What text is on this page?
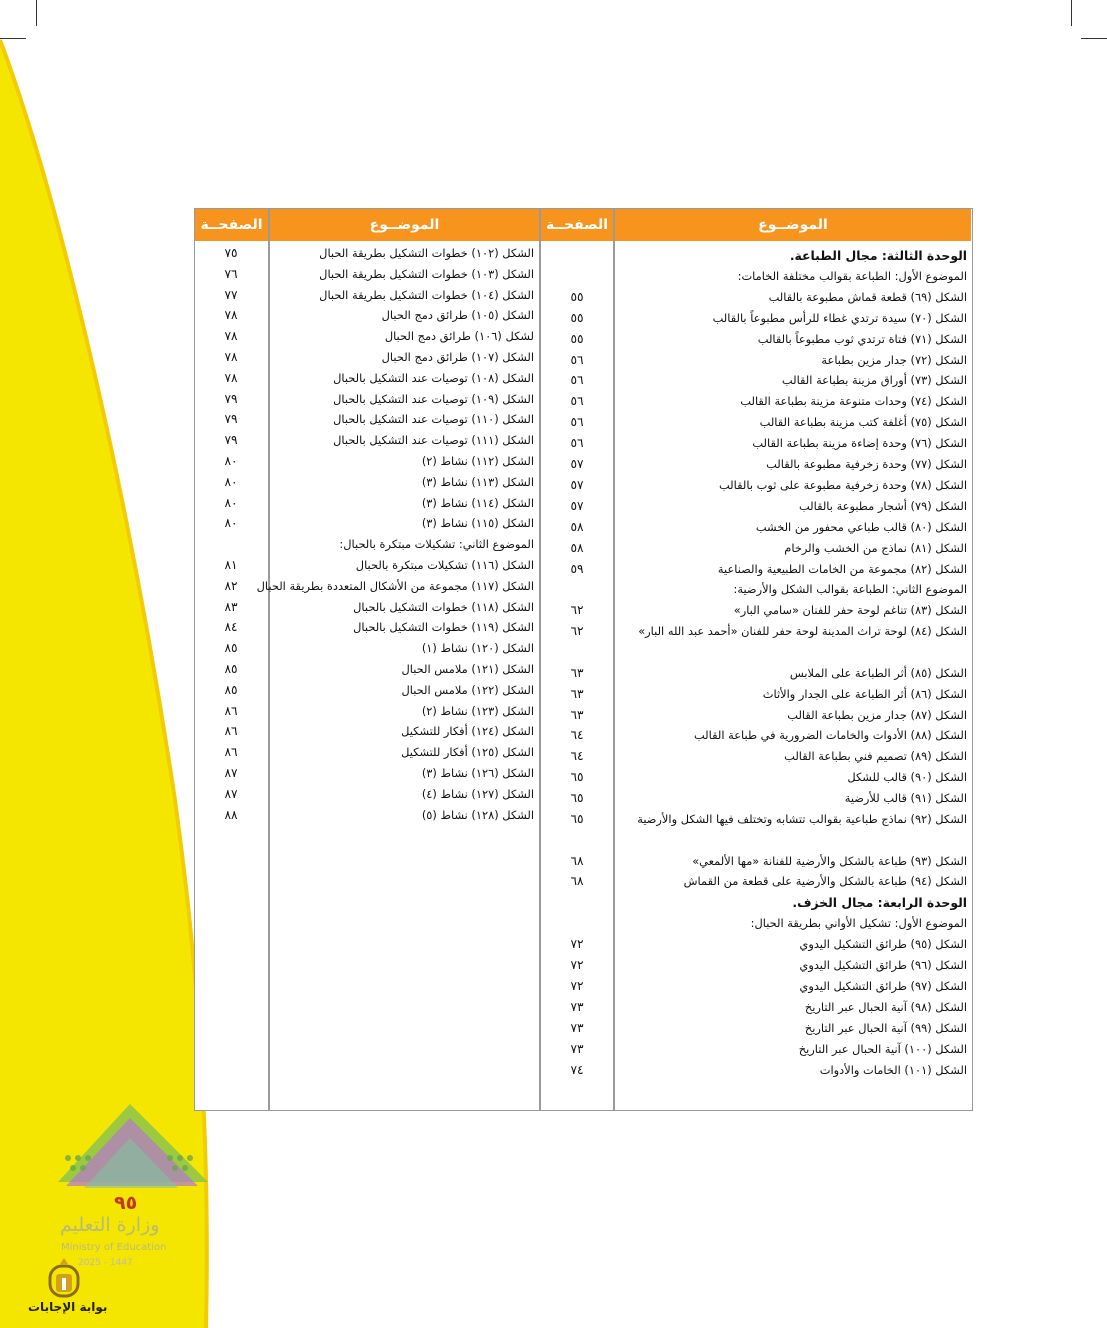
الموضــوع
الصفحــة
الموضــوع
الصفحــة
الوحدة الثالثة: مجال الطباعة.
الموضوع الأول: الطباعة بقوالب مختلفة الخامات:
الشكل (٦٩) قطعة قماش مطبوعة بالقالب
٥٥
الشكل (٧٠) سيدة ترتدي غطاء للرأس مطبوعاً بالقالب
٥٥
الشكل (٧١) فتاة ترتدي ثوب مطبوعاً بالقالب
٥٥
الشكل (٧٢) جدار مزين بطباعة
٥٦
الشكل (٧٣) أوراق مزينة بطباعة القالب
٥٦
الشكل (٧٤) وحدات متنوعة مزينة بطباعة القالب
٥٦
الشكل (٧٥) أغلفة كتب مزينة بطباعة القالب
٥٦
الشكل (٧٦) وحدة إضاءة مزينة بطباعة القالب
٥٦
الشكل (٧٧) وحدة زخرفية مطبوعة بالقالب
٥٧
الشكل (٧٨) وحدة زخرفية مطبوعة على ثوب بالقالب
٥٧
الشكل (٧٩) أشجار مطبوعة بالقالب
٥٧
الشكل (٨٠) قالب طباعي محفور من الخشب
٥٨
الشكل (٨١) نماذج من الخشب والرخام
٥٨
الشكل (٨٢) مجموعة من الخامات الطبيعية والصناعية
٥٩
الموضوع الثاني: الطباعة بقوالب الشكل والأرضية:
الشكل (٨٣) تناغم لوحة حفر للفنان «سامي البار»
٦٢
الشكل (٨٤) لوحة تراث المدينة لوحة حفر للفنان «أحمد عبد الله البار»
٦٢
الشكل (٨٥) أثر الطباعة على الملابس
٦٣
الشكل (٨٦) أثر الطباعة على الجدار والأثاث
٦٣
الشكل (٨٧) جدار مزين بطباعة القالب
٦٣
الشكل (٨٨) الأدوات والخامات الضرورية في طباعة القالب
٦٤
الشكل (٨٩) تصميم فني بطباعة القالب
٦٤
الشكل (٩٠) قالب للشكل
٦٥
الشكل (٩١) قالب للأرضية
٦٥
الشكل (٩٢) نماذج طباعية بقوالب تتشابه وتختلف فيها الشكل والأرضية
٦٥
الشكل (٩٣) طباعة بالشكل والأرضية للفنانة «مها الألمعي»
٦٨
الشكل (٩٤) طباعة بالشكل والأرضية على قطعة من القماش
٦٨
الوحدة الرابعة: مجال الخزف.
الموضوع الأول: تشكيل الأواني بطريقة الحبال:
الشكل (٩٥) طرائق التشكيل اليدوي
٧٢
الشكل (٩٦) طرائق التشكيل اليدوي
٧٢
الشكل (٩٧) طرائق التشكيل اليدوي
٧٢
الشكل (٩٨) آنية الحبال عبر التاريخ
٧٣
الشكل (٩٩) آنية الحبال عبر التاريخ
٧٣
الشكل (١٠٠) آنية الحبال عبر التاريخ
٧٣
الشكل (١٠١) الخامات والأدوات
٧٤
الشكل (١٠٢) خطوات التشكيل بطريقة الحبال
٧٥
الشكل (١٠٣) خطوات التشكيل بطريقة الحبال
٧٦
الشكل (١٠٤) خطوات التشكيل بطريقة الحبال
٧٧
الشكل (١٠٥) طرائق دمج الحبال
٧٨
لشكل (١٠٦) طرائق دمج الحبال
٧٨
الشكل (١٠٧) طرائق دمج الحبال
٧٨
الشكل (١٠٨) توصيات عند التشكيل بالحبال
٧٨
الشكل (١٠٩) توصيات عند التشكيل بالحبال
٧٩
الشكل (١١٠) توصيات عند التشكيل بالحبال
٧٩
الشكل (١١١) توصيات عند التشكيل بالحبال
٧٩
الشكل (١١٢) نشاط (٢)
٨٠
الشكل (١١٣) نشاط (٣)
٨٠
الشكل (١١٤) نشاط (٣)
٨٠
الشكل (١١٥) نشاط (٣)
٨٠
الموضوع الثاني: تشكيلات مبتكرة بالحبال:
الشكل (١١٦) تشكيلات مبتكرة بالحبال
٨١
الشكل (١١٧) مجموعة من الأشكال المتعددة بطريقة الحبال
٨٢
الشكل (١١٨) خطوات التشكيل بالحبال
٨٣
الشكل (١١٩) خطوات التشكيل بالحبال
٨٤
الشكل (١٢٠) نشاط (١)
٨٥
الشكل (١٢١) ملامس الحبال
٨٥
الشكل (١٢٢) ملامس الحبال
٨٥
الشكل (١٢٣) نشاط (٢)
٨٦
الشكل (١٢٤) أفكار للتشكيل
٨٦
الشكل (١٢٥) أفكار للتشكيل
٨٦
الشكل (١٢٦) نشاط (٣)
٨٧
الشكل (١٢٧) نشاط (٤)
٨٧
الشكل (١٢٨) نشاط (٥)
٨٨
٩٥
وزارة التعليم
Ministry of Education
2025 - 1447
بوابة الإجابات
